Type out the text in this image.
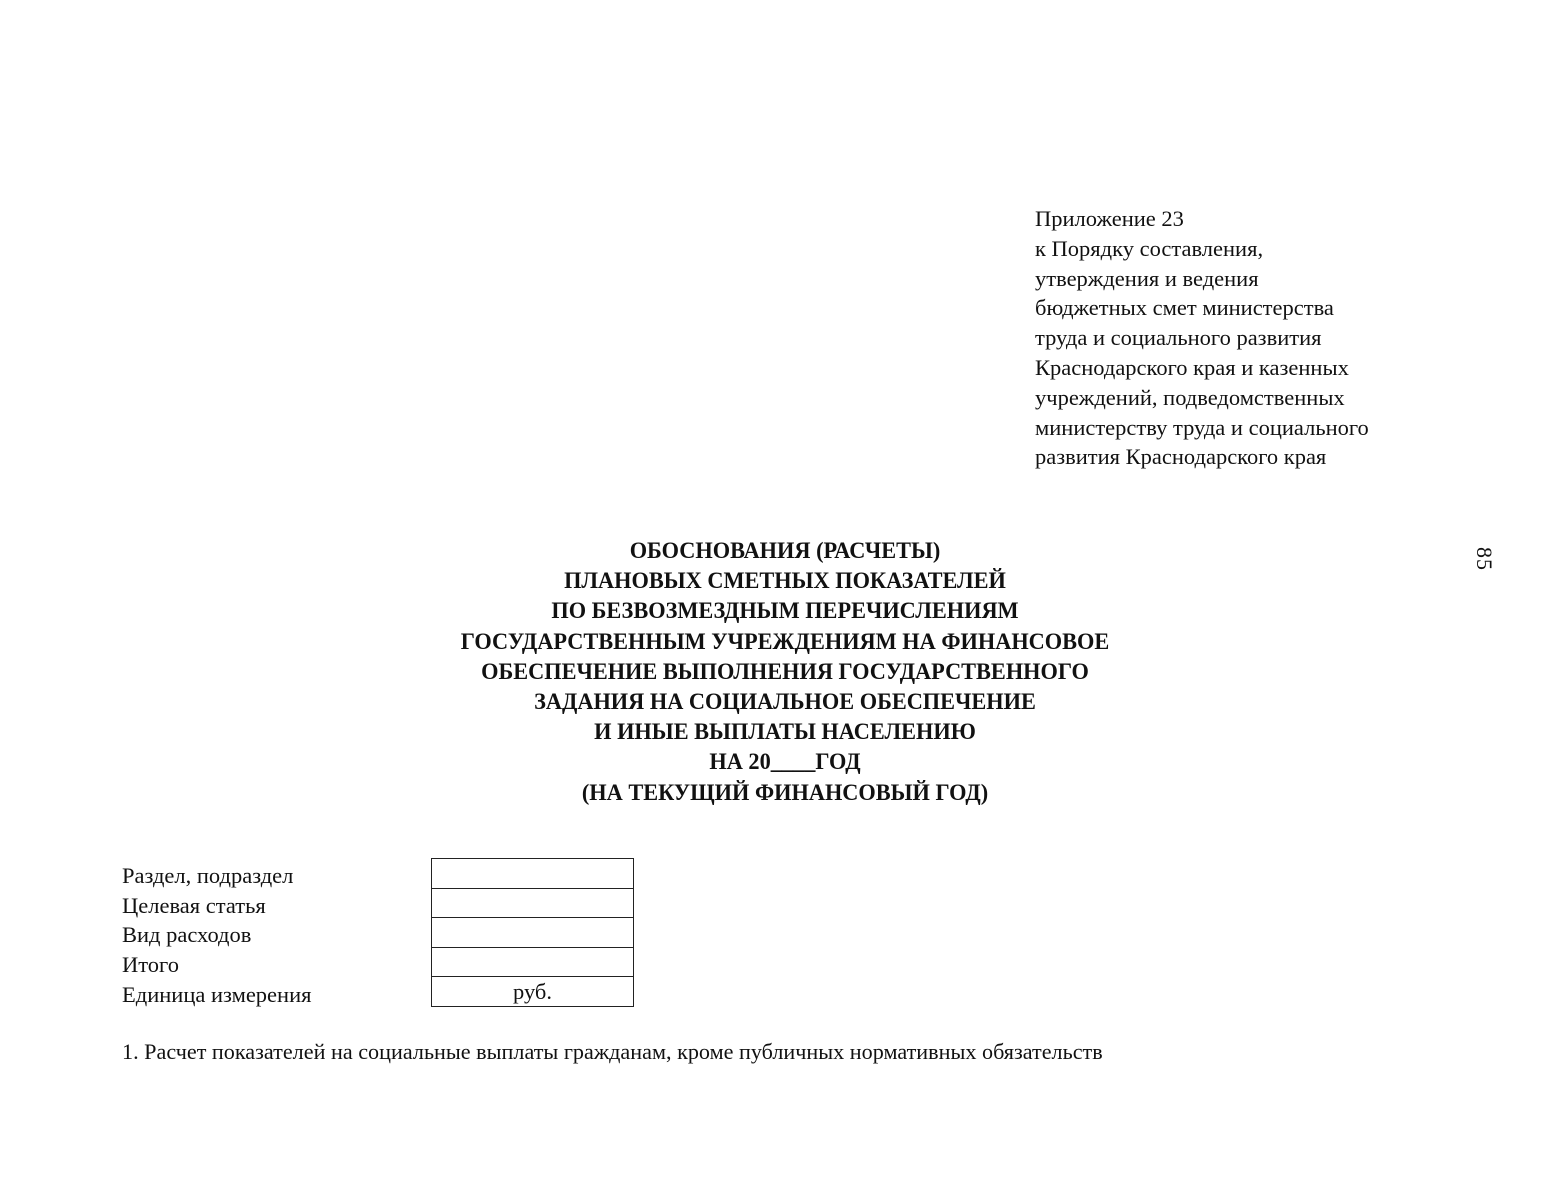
Приложение 23
к Порядку составления,
утверждения и ведения
бюджетных смет министерства
труда и социального развития
Краснодарского края и казенных
учреждений, подведомственных
министерству труда и социального
развития Краснодарского края
85
ОБОСНОВАНИЯ (РАСЧЕТЫ)
ПЛАНОВЫХ СМЕТНЫХ ПОКАЗАТЕЛЕЙ
ПО БЕЗВОЗМЕЗДНЫМ ПЕРЕЧИСЛЕНИЯМ
ГОСУДАРСТВЕННЫМ УЧРЕЖДЕНИЯМ НА ФИНАНСОВОЕ
ОБЕСПЕЧЕНИЕ ВЫПОЛНЕНИЯ ГОСУДАРСТВЕННОГО
ЗАДАНИЯ НА СОЦИАЛЬНОЕ ОБЕСПЕЧЕНИЕ
И ИНЫЕ ВЫПЛАТЫ НАСЕЛЕНИЮ
НА 20____ГОД
(НА ТЕКУЩИЙ ФИНАНСОВЫЙ ГОД)
Раздел, подраздел
Целевая статья
Вид расходов
Итого
Единица измерения	руб.
1. Расчет показателей на социальные выплаты гражданам, кроме публичных нормативных обязательств
